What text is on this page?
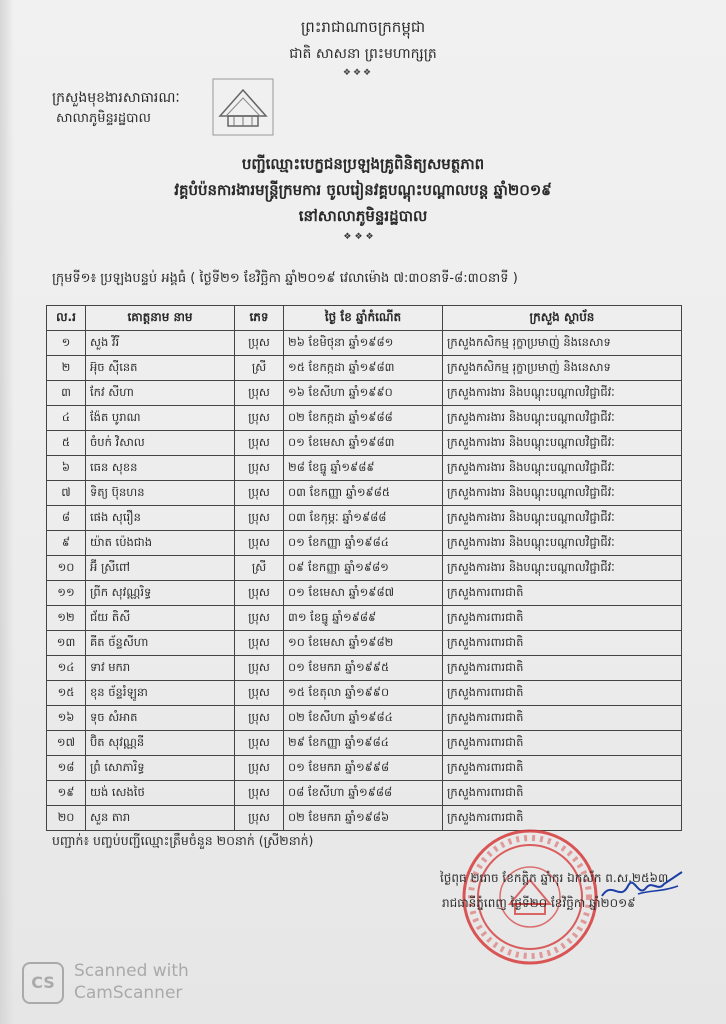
ព្រះរាជាណាចក្រកម្ពុជា
ជាតិ សាសនា ព្រះមហាក្សត្រ
❖❖❖
ក្រសួងមុខងារសាធារណៈ
សាលាភូមិន្ទរដ្ឋបាល
បញ្ជីឈ្មោះបេក្ខជនប្រឡងគ្រូពិនិត្យសមត្ថភាព
វគ្គបំប៉នការងារមន្ត្រីក្រមការ ចូលរៀនវគ្គបណ្តុះបណ្តាលបន្ត ឆ្នាំ២០១៩
នៅសាលាភូមិន្ទរដ្ឋបាល
❖❖❖
ក្រុមទី១៖ ប្រឡងបន្ទប់ អង្គធំ ( ថ្ងៃទី២១ ខែវិច្ឆិកា ឆ្នាំ២០១៩ វេលាម៉ោង ៧:៣០នាទី-៨:៣០នាទី )
ល.រ	គោត្តនាម នាម	ភេទ	ថ្ងៃ ខែ ឆ្នាំកំណើត	ក្រសួង ស្ថាប័ន
១	សួង វិរី	ប្រុស	២៦ ខែមិថុនា ឆ្នាំ១៩៨១	ក្រសួងកសិកម្ម រុក្ខាប្រមាញ់ និងនេសាទ
២	អ៊ុច ស៊ីនេត	ស្រី	១៥ ខែកក្កដា ឆ្នាំ១៩៨៣	ក្រសួងកសិកម្ម រុក្ខាប្រមាញ់ និងនេសាទ
៣	កែវ សីហា	ប្រុស	១៦ ខែសីហា ឆ្នាំ១៩៩០	ក្រសួងការងារ និងបណ្តុះបណ្តាលវិជ្ជាជីវៈ
៤	ង៉ែត បូរាណ	ប្រុស	០២ ខែកក្កដា ឆ្នាំ១៩៨៨	ក្រសួងការងារ និងបណ្តុះបណ្តាលវិជ្ជាជីវៈ
៥	ចំបក់ វិសាល	ប្រុស	០១ ខែមេសា ឆ្នាំ១៩៨៣	ក្រសួងការងារ និងបណ្តុះបណ្តាលវិជ្ជាជីវៈ
៦	ធេន សុខន	ប្រុស	២៨ ខែធ្នូ ឆ្នាំ១៩៨៩	ក្រសួងការងារ និងបណ្តុះបណ្តាលវិជ្ជាជីវៈ
៧	ទិត្យ ប៊ុនហន	ប្រុស	០៣ ខែកញ្ញា ឆ្នាំ១៩៨៥	ក្រសួងការងារ និងបណ្តុះបណ្តាលវិជ្ជាជីវៈ
៨	ផេង សុរឿន	ប្រុស	០៣ ខែកុម្ភៈ ឆ្នាំ១៩៨៨	ក្រសួងការងារ និងបណ្តុះបណ្តាលវិជ្ជាជីវៈ
៩	យ៉ាត ប៉េងជាង	ប្រុស	០១ ខែកញ្ញា ឆ្នាំ១៩៨៤	ក្រសួងការងារ និងបណ្តុះបណ្តាលវិជ្ជាជីវៈ
១០	អ៊ី ស្រីពៅ	ស្រី	០៩ ខែកញ្ញា ឆ្នាំ១៩៨១	ក្រសួងការងារ និងបណ្តុះបណ្តាលវិជ្ជាជីវៈ
១១	ព្រីក សុវណ្ណរិទ្ធ	ប្រុស	០១ ខែមេសា ឆ្នាំ១៩៨៧	ក្រសួងការពារជាតិ
១២	ជ័យ តិសី	ប្រុស	៣១ ខែធ្នូ ឆ្នាំ១៩៨៩	ក្រសួងការពារជាតិ
១៣	គីត ច័ន្ទសីហា	ប្រុស	១០ ខែមេសា ឆ្នាំ១៩៨២	ក្រសួងការពារជាតិ
១៤	ទាវ មករា	ប្រុស	០១ ខែមករា ឆ្នាំ១៩៩៥	ក្រសួងការពារជាតិ
១៥	ខុន ច័ន្ទរំឡូនា	ប្រុស	១៥ ខែតុលា ឆ្នាំ១៩៩០	ក្រសួងការពារជាតិ
១៦	ទុច សំអាត	ប្រុស	០២ ខែសីហា ឆ្នាំ១៩៨៤	ក្រសួងការពារជាតិ
១៧	ប៊ិត សុវណ្ណនី	ប្រុស	២៩ ខែកញ្ញា ឆ្នាំ១៩៨៤	ក្រសួងការពារជាតិ
១៨	ព្រំ សោភារិទ្ធ	ប្រុស	០១ ខែមករា ឆ្នាំ១៩៩៨	ក្រសួងការពារជាតិ
១៩	យង់ សេងថៃ	ប្រុស	០៨ ខែសីហា ឆ្នាំ១៩៨៨	ក្រសួងការពារជាតិ
២០	សួន តារា	ប្រុស	០២ ខែមករា ឆ្នាំ១៩៨៦	ក្រសួងការពារជាតិ
បញ្ជាក់៖ បញ្ចប់បញ្ជីឈ្មោះត្រឹមចំនួន ២០នាក់ (ស្រី២នាក់)
ថ្ងៃពុធ ២រោច ខែកត្តិក ឆ្នាំកុរ ឯកស័ក ព.ស.២៥៦៣
រាជធានីភ្នំពេញ ថ្ងៃទី២០ ខែវិច្ឆិកា ឆ្នាំ២០១៩
CS
Scanned with
CamScanner
